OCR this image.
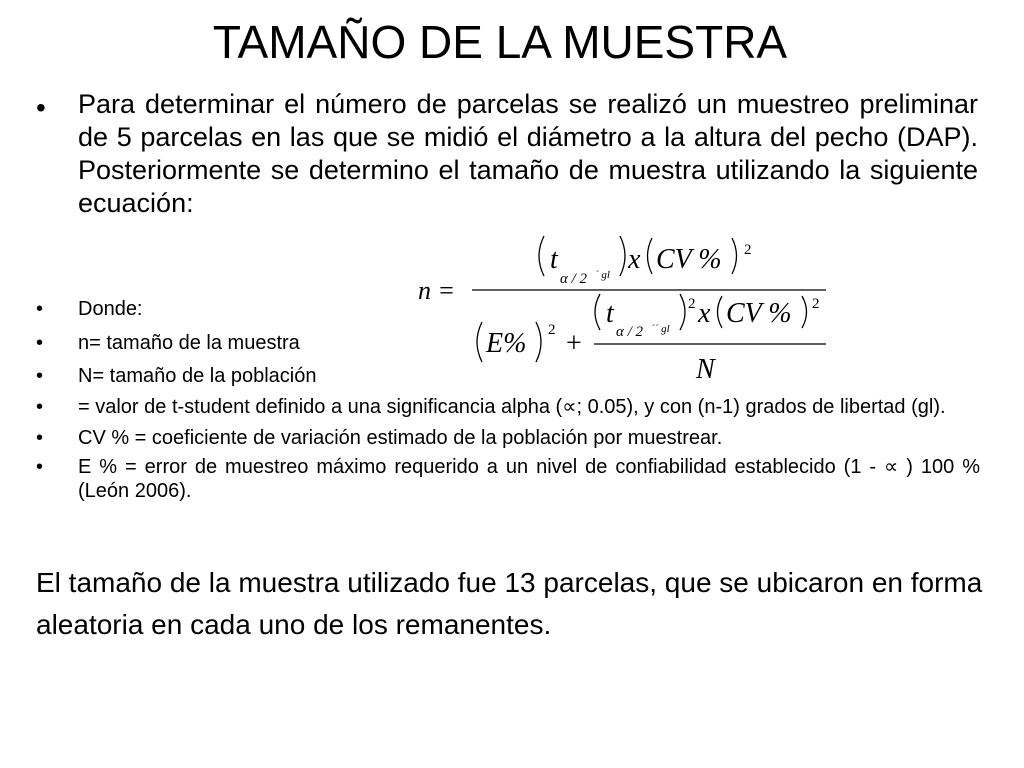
TAMAÑO DE LA MUESTRA
• Para determinar el número de parcelas se realizó un muestreo preliminar de 5 parcelas en las que se midió el diámetro a la altura del pecho (DAP). Posteriormente se determino el tamaño de muestra utilizando la siguiente ecuación:
n =
t
α / 2 ´ gl x CV % 2
E% 2 +
t
α / 2 ´´ gl
2 x CV % 2
N
• Donde:
• n= tamaño de la muestra
• N= tamaño de la población
• = valor de t-student definido a una significancia alpha (∝; 0.05), y con (n-1) grados de libertad (gl).
• CV % = coeficiente de variación estimado de la población por muestrear.
• E % = error de muestreo máximo requerido a un nivel de confiabilidad establecido (1 - ∝ ) 100 % (León 2006).
El tamaño de la muestra utilizado fue 13 parcelas, que se ubicaron en forma aleatoria en cada uno de los remanentes.
